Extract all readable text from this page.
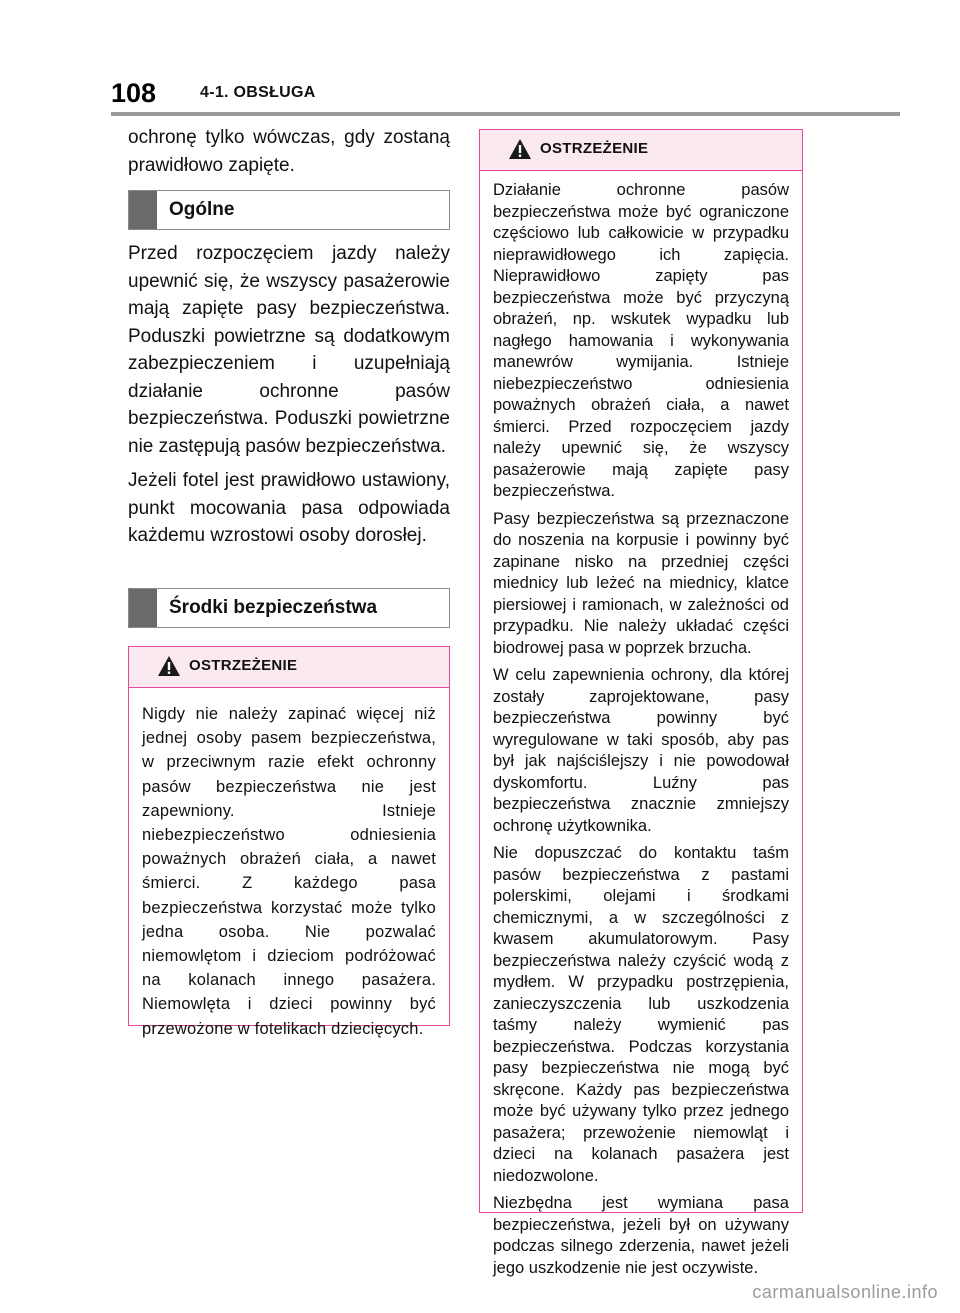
108	4-1. OBSŁUGA

ochronę tylko wówczas, gdy zostaną prawidłowo zapięte.

Ogólne

Przed rozpoczęciem jazdy należy upewnić się, że wszyscy pasażerowie mają zapięte pasy bezpieczeństwa. Poduszki powietrzne są dodatkowym zabezpieczeniem i uzupełniają działanie ochronne pasów bezpieczeństwa. Poduszki powietrzne nie zastępują pasów bezpieczeństwa.

Jeżeli fotel jest prawidłowo ustawiony, punkt mocowania pasa odpowiada każdemu wzrostowi osoby dorosłej.

Środki bezpieczeństwa
OSTRZEŻENIE

Nigdy nie należy zapinać więcej niż jednej osoby pasem bezpieczeństwa, w przeciwnym razie efekt ochronny pasów bezpieczeństwa nie jest zapewniony. Istnieje niebezpieczeństwo odniesienia poważnych obrażeń ciała, a nawet śmierci. Z każdego pasa bezpieczeństwa korzystać może tylko jedna osoba. Nie pozwalać niemowlętom i dzieciom podróżować na kolanach innego pasażera. Niemowlęta i dzieci powinny być przewożone w fotelikach dziecięcych.

OSTRZEŻENIE

Działanie ochronne pasów bezpieczeństwa może być ograniczone częściowo lub całkowicie w przypadku nieprawidłowego ich zapięcia. Nieprawidłowo zapięty pas bezpieczeństwa może być przyczyną obrażeń, np. wskutek wypadku lub nagłego hamowania i wykonywania manewrów wymijania. Istnieje niebezpieczeństwo odniesienia poważnych obrażeń ciała, a nawet śmierci. Przed rozpoczęciem jazdy należy upewnić się, że wszyscy pasażerowie mają zapięte pasy bezpieczeństwa.

Pasy bezpieczeństwa są przeznaczone do noszenia na korpusie i powinny być zapinane nisko na przedniej części miednicy lub leżeć na miednicy, klatce piersiowej i ramionach, w zależności od przypadku. Nie należy układać części biodrowej pasa w poprzek brzucha.

W celu zapewnienia ochrony, dla której zostały zaprojektowane, pasy bezpieczeństwa powinny być wyregulowane w taki sposób, aby pas był jak najściślejszy i nie powodował dyskomfortu. Luźny pas bezpieczeństwa znacznie zmniejszy ochronę użytkownika.

Nie dopuszczać do kontaktu taśm pasów bezpieczeństwa z pastami polerskimi, olejami i środkami chemicznymi, a w szczególności z kwasem akumulatorowym. Pasy bezpieczeństwa należy czyścić wodą z mydłem. W przypadku postrzępienia, zanieczyszczenia lub uszkodzenia taśmy należy wymienić pas bezpieczeństwa. Podczas korzystania pasy bezpieczeństwa nie mogą być skręcone. Każdy pas bezpieczeństwa może być używany tylko przez jednego pasażera; przewożenie niemowląt i dzieci na kolanach pasażera jest niedozwolone.

Niezbędna jest wymiana pasa bezpieczeństwa, jeżeli był on używany podczas silnego zderzenia, nawet jeżeli jego uszkodzenie nie jest oczywiste.

carmanualsonline.info
